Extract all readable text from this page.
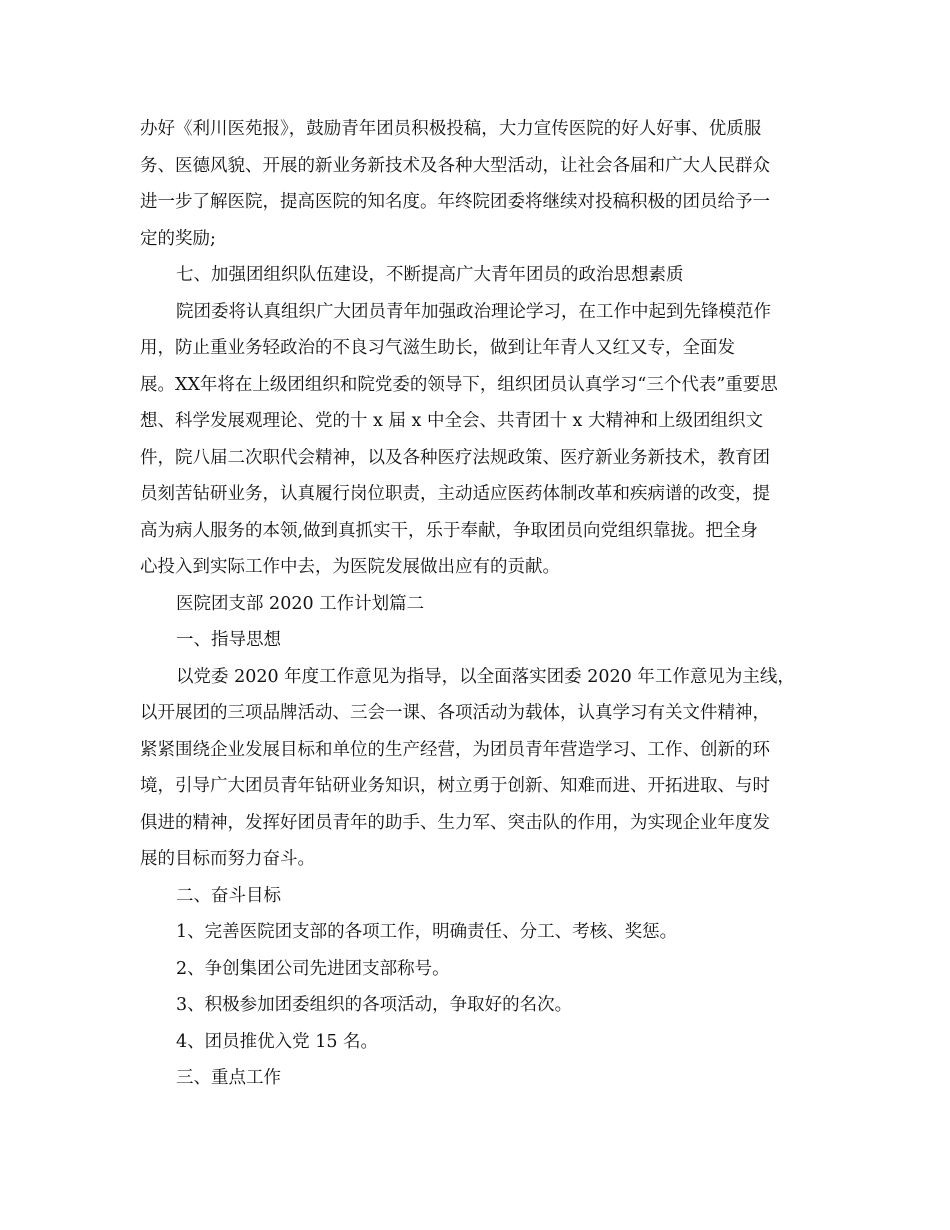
办好《利川医苑报》，鼓励青年团员积极投稿，大力宣传医院的好人好事、优质服
务、医德风貌、开展的新业务新技术及各种大型活动，让社会各届和广大人民群众
进一步了解医院，提高医院的知名度。年终院团委将继续对投稿积极的团员给予一
定的奖励;
七、加强团组织队伍建设，不断提高广大青年团员的政治思想素质
院团委将认真组织广大团员青年加强政治理论学习，在工作中起到先锋模范作
用，防止重业务轻政治的不良习气滋生助长，做到让年青人又红又专，全面发
展。XX年将在上级团组织和院党委的领导下，组织团员认真学习“三个代表”重要思
想、科学发展观理论、党的十 x 届 x 中全会、共青团十 x 大精神和上级团组织文
件，院八届二次职代会精神，以及各种医疗法规政策、医疗新业务新技术，教育团
员刻苦钻研业务，认真履行岗位职责，主动适应医药体制改革和疾病谱的改变，提
高为病人服务的本领,做到真抓实干，乐于奉献，争取团员向党组织靠拢。把全身
心投入到实际工作中去，为医院发展做出应有的贡献。
医院团支部 2020 工作计划篇二
一、指导思想
以党委 2020 年度工作意见为指导，以全面落实团委 2020 年工作意见为主线，
以开展团的三项品牌活动、三会一课、各项活动为载体，认真学习有关文件精神，
紧紧围绕企业发展目标和单位的生产经营，为团员青年营造学习、工作、创新的环
境，引导广大团员青年钻研业务知识，树立勇于创新、知难而进、开拓进取、与时
俱进的精神，发挥好团员青年的助手、生力军、突击队的作用，为实现企业年度发
展的目标而努力奋斗。
二、奋斗目标
1、完善医院团支部的各项工作，明确责任、分工、考核、奖惩。
2、争创集团公司先进团支部称号。
3、积极参加团委组织的各项活动，争取好的名次。
4、团员推优入党 15 名。
三、重点工作
